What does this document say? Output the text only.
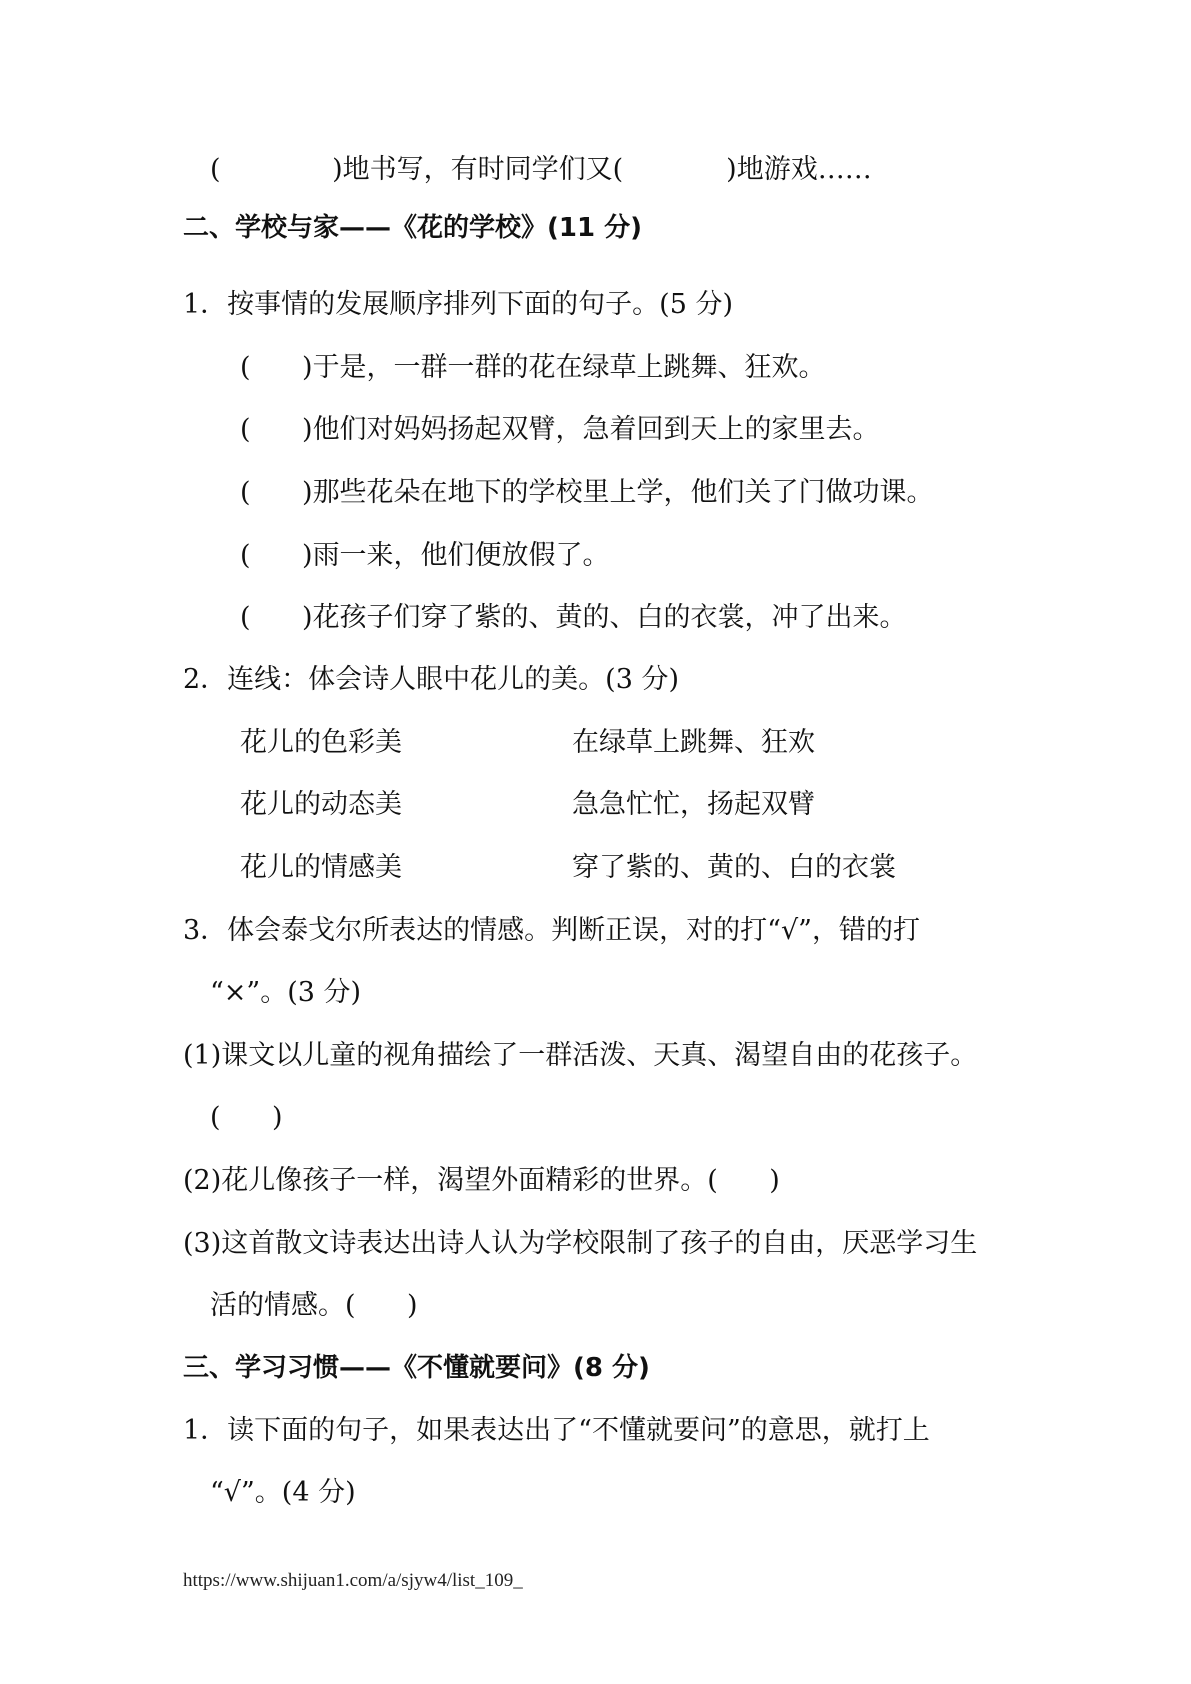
(             )地书写，有时同学们又(            )地游戏……
二、学校与家——《花的学校》(11 分)
1．按事情的发展顺序排列下面的句子。(5 分)
(      )于是，一群一群的花在绿草上跳舞、狂欢。
(      )他们对妈妈扬起双臂，急着回到天上的家里去。
(      )那些花朵在地下的学校里上学，他们关了门做功课。
(      )雨一来，他们便放假了。
(      )花孩子们穿了紫的、黄的、白的衣裳，冲了出来。
2．连线：体会诗人眼中花儿的美。(3 分)
花儿的色彩美	在绿草上跳舞、狂欢
花儿的动态美	急急忙忙，扬起双臂
花儿的情感美	穿了紫的、黄的、白的衣裳
3．体会泰戈尔所表达的情感。判断正误，对的打“√”，错的打
“×”。(3 分)
(1)课文以儿童的视角描绘了一群活泼、天真、渴望自由的花孩子。
(      )
(2)花儿像孩子一样，渴望外面精彩的世界。(      )
(3)这首散文诗表达出诗人认为学校限制了孩子的自由，厌恶学习生
活的情感。(      )
三、学习习惯——《不懂就要问》(8 分)
1．读下面的句子，如果表达出了“不懂就要问”的意思，就打上
“√”。(4 分)
https://www.shijuan1.com/a/sjyw4/list_109_
